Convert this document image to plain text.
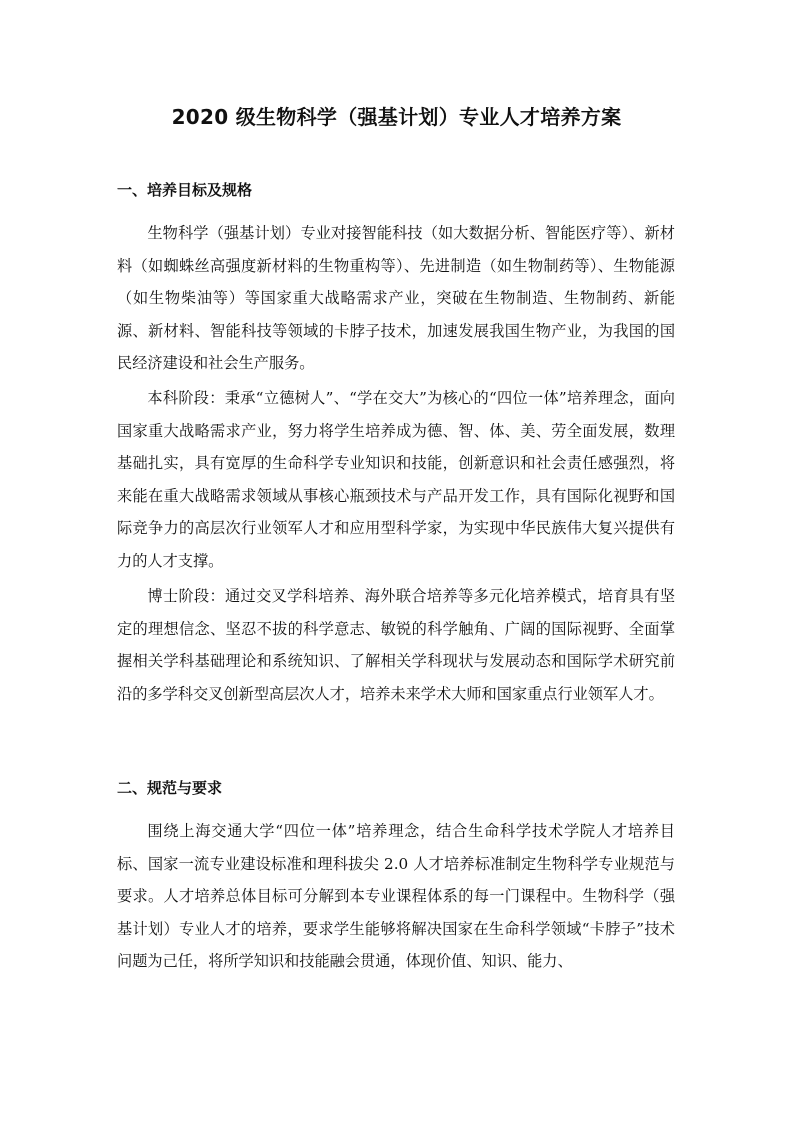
2020 级生物科学（强基计划）专业人才培养方案
一、培养目标及规格

生物科学（强基计划）专业对接智能科技（如大数据分析、智能医疗等）、新材料（如蜘蛛丝高强度新材料的生物重构等）、先进制造（如生物制药等）、生物能源（如生物柴油等）等国家重大战略需求产业，突破在生物制造、生物制药、新能源、新材料、智能科技等领域的卡脖子技术，加速发展我国生物产业，为我国的国民经济建设和社会生产服务。

本科阶段：秉承“立德树人”、“学在交大”为核心的“四位一体”培养理念，面向国家重大战略需求产业，努力将学生培养成为德、智、体、美、劳全面发展，数理基础扎实，具有宽厚的生命科学专业知识和技能，创新意识和社会责任感强烈，将来能在重大战略需求领域从事核心瓶颈技术与产品开发工作，具有国际化视野和国际竞争力的高层次行业领军人才和应用型科学家，为实现中华民族伟大复兴提供有力的人才支撑。

博士阶段：通过交叉学科培养、海外联合培养等多元化培养模式，培育具有坚定的理想信念、坚忍不拔的科学意志、敏锐的科学触角、广阔的国际视野、全面掌握相关学科基础理论和系统知识、了解相关学科现状与发展动态和国际学术研究前沿的多学科交叉创新型高层次人才，培养未来学术大师和国家重点行业领军人才。

二、规范与要求

围绕上海交通大学“四位一体”培养理念，结合生命科学技术学院人才培养目标、国家一流专业建设标准和理科拔尖 2.0 人才培养标准制定生物科学专业规范与要求。人才培养总体目标可分解到本专业课程体系的每一门课程中。生物科学（强基计划）专业人才的培养，要求学生能够将解决国家在生命科学领域“卡脖子”技术问题为己任，将所学知识和技能融会贯通，体现价值、知识、能力、
